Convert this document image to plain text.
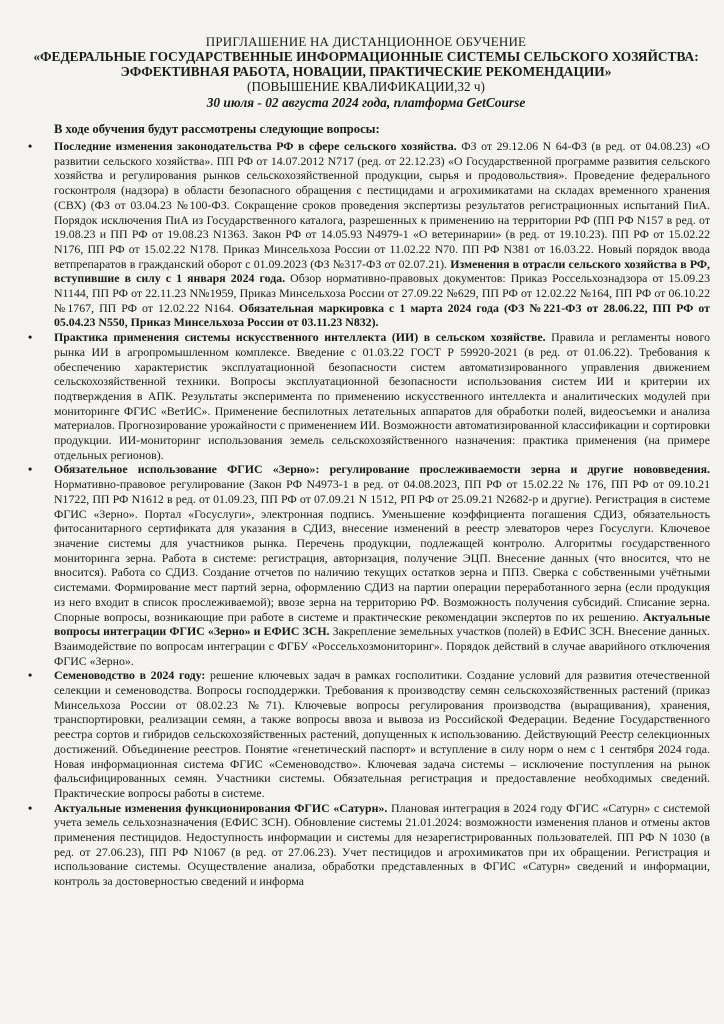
ПРИГЛАШЕНИЕ НА ДИСТАНЦИОННОЕ ОБУЧЕНИЕ
«ФЕДЕРАЛЬНЫЕ ГОСУДАРСТВЕННЫЕ ИНФОРМАЦИОННЫЕ СИСТЕМЫ СЕЛЬСКОГО ХОЗЯЙСТВА: ЭФФЕКТИВНАЯ РАБОТА, НОВАЦИИ, ПРАКТИЧЕСКИЕ РЕКОМЕНДАЦИИ»
(ПОВЫШЕНИЕ КВАЛИФИКАЦИИ,32 ч)
30 июля - 02 августа 2024 года, платформа GetCourse
В ходе обучения будут рассмотрены следующие вопросы:
• Последние изменения законодательства РФ в сфере сельского хозяйства. ФЗ от 29.12.06 N 64-ФЗ (в ред. от 04.08.23) «О развитии сельского хозяйства». ПП РФ от 14.07.2012 N717 (ред. от 22.12.23) «О Государственной программе развития сельского хозяйства и регулирования рынков сельскохозяйственной продукции, сырья и продовольствия». Проведение федерального госконтроля (надзора) в области безопасного обращения с пестицидами и агрохимикатами на складах временного хранения (СВХ) (ФЗ от 03.04.23 №100-ФЗ. Сокращение сроков проведения экспертизы результатов регистрационных испытаний ПиА. Порядок исключения ПиА из Государственного каталога, разрешенных к применению на территории РФ (ПП РФ N157 в ред. от 19.08.23 и ПП РФ от 19.08.23 N1363. Закон РФ от 14.05.93 N4979-1 «О ветеринарии» (в ред. от 19.10.23). ПП РФ от 15.02.22 N176, ПП РФ от 15.02.22 N178. Приказ Минсельхоза России от 11.02.22 N70. ПП РФ N381 от 16.03.22. Новый порядок ввода ветпрепаратов в гражданский оборот с 01.09.2023 (ФЗ №317-ФЗ от 02.07.21). Изменения в отрасли сельского хозяйства в РФ, вступившие в силу с 1 января 2024 года. Обзор нормативно-правовых документов: Приказ Россельхознадзора от 15.09.23 N1144, ПП РФ от 22.11.23 N№1959, Приказ Минсельхоза России от 27.09.22 №629, ПП РФ от 12.02.22 №164, ПП РФ от 06.10.22 №1767, ПП РФ от 12.02.22 N164. Обязательная маркировка с 1 марта 2024 года (ФЗ №221-ФЗ от 28.06.22, ПП РФ от 05.04.23 N550, Приказ Минсельхоза России от 03.11.23 N832).
• Практика применения системы искусственного интеллекта (ИИ) в сельском хозяйстве. Правила и регламенты нового рынка ИИ в агропромышленном комплексе. Введение с 01.03.22 ГОСТ Р 59920-2021 (в ред. от 01.06.22). Требования к обеспечению характеристик эксплуатационной безопасности систем автоматизированного управления движением сельскохозяйственной техники. Вопросы эксплуатационной безопасности использования систем ИИ и критерии их подтверждения в АПК. Результаты эксперимента по применению искусственного интеллекта и аналитических модулей при мониторинге ФГИС «ВетИС». Применение беспилотных летательных аппаратов для обработки полей, видеосъемки и анализа материалов. Прогнозирование урожайности с применением ИИ. Возможности автоматизированной классификации и сортировки продукции. ИИ-мониторинг использования земель сельскохозяйственного назначения: практика применения (на примере отдельных регионов).
• Обязательное использование ФГИС «Зерно»: регулирование прослеживаемости зерна и другие нововведения. Нормативно-правовое регулирование (Закон РФ N4973-1 в ред. от 04.08.2023, ПП РФ от 15.02.22 № 176, ПП РФ от 09.10.21 N1722, ПП РФ N1612 в ред. от 01.09.23, ПП РФ от 07.09.21 N 1512, РП РФ от 25.09.21 N2682-р и другие). Регистрация в системе ФГИС «Зерно». Портал «Госуслуги», электронная подпись. Уменьшение коэффициента погашения СДИЗ, обязательность фитосанитарного сертификата для указания в СДИЗ, внесение изменений в реестр элеваторов через Госуслуги. Ключевое значение системы для участников рынка. Перечень продукции, подлежащей контролю. Алгоритмы государственного мониторинга зерна. Работа в системе: регистрация, авторизация, получение ЭЦП. Внесение данных (что вносится, что не вносится). Работа со СДИЗ. Создание отчетов по наличию текущих остатков зерна и ППЗ. Сверка с собственными учётными системами. Формирование мест партий зерна, оформлению СДИЗ на партии операции переработанного зерна (если продукция из него входит в список прослеживаемой); ввозе зерна на территорию РФ. Возможность получения субсидий. Списание зерна. Спорные вопросы, возникающие при работе в системе и практические рекомендации экспертов по их решению. Актуальные вопросы интеграции ФГИС «Зерно» и ЕФИС ЗСН. Закрепление земельных участков (полей) в ЕФИС ЗСН. Внесение данных. Взаимодействие по вопросам интеграции с ФГБУ «Россельхозмониторинг». Порядок действий в случае аварийного отключения ФГИС «Зерно».
• Семеноводство в 2024 году: решение ключевых задач в рамках госполитики. Создание условий для развития отечественной селекции и семеноводства. Вопросы господдержки. Требования к производству семян сельскохозяйственных растений (приказ Минсельхоза России от 08.02.23 №71). Ключевые вопросы регулирования производства (выращивания), хранения, транспортировки, реализации семян, а также вопросы ввоза и вывоза из Российской Федерации. Ведение Государственного реестра сортов и гибридов сельскохозяйственных растений, допущенных к использованию. Действующий Реестр селекционных достижений. Объединение реестров. Понятие «генетический паспорт» и вступление в силу норм о нем с 1 сентября 2024 года. Новая информационная система ФГИС «Семеноводство». Ключевая задача системы – исключение поступления на рынок фальсифицированных семян. Участники системы. Обязательная регистрация и предоставление необходимых сведений. Практические вопросы работы в системе.
• Актуальные изменения функционирования ФГИС «Сатурн». Плановая интеграция в 2024 году ФГИС «Сатурн» с системой учета земель сельхозназначения (ЕФИС ЗСН). Обновление системы 21.01.2024: возможности изменения планов и отмены актов применения пестицидов. Недоступность информации и системы для незарегистрированных пользователей. ПП РФ N 1030 (в ред. от 27.06.23), ПП РФ N1067 (в ред. от 27.06.23). Учет пестицидов и агрохимикатов при их обращении. Регистрация и использование системы. Осуществление анализа, обработки представленных в ФГИС «Сатурн» сведений и информации, контроль за достоверностью сведений и информа
